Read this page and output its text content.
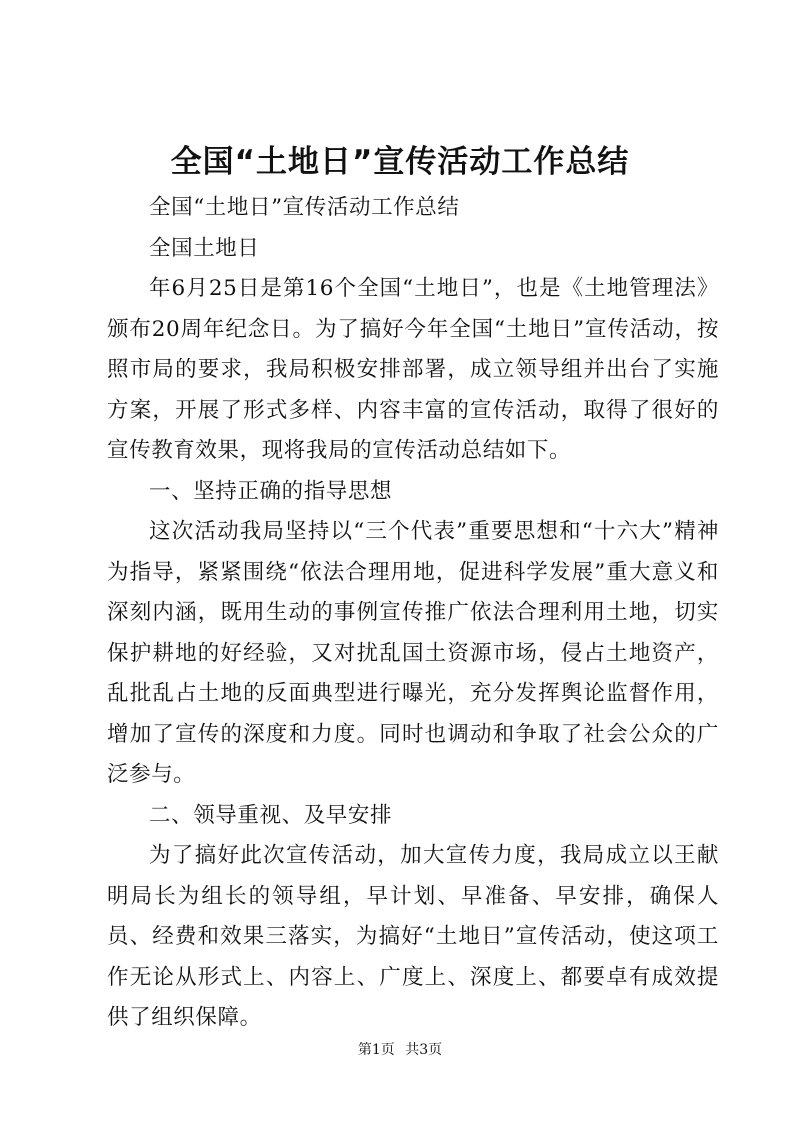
全国“土地日”宣传活动工作总结

全国“土地日”宣传活动工作总结

全国土地日

年6月25日是第16个全国“土地日”，也是《土地管理法》颁布20周年纪念日。为了搞好今年全国“土地日”宣传活动，按照市局的要求，我局积极安排部署，成立领导组并出台了实施方案，开展了形式多样、内容丰富的宣传活动，取得了很好的宣传教育效果，现将我局的宣传活动总结如下。

一、坚持正确的指导思想

这次活动我局坚持以“三个代表”重要思想和“十六大”精神为指导，紧紧围绕“依法合理用地，促进科学发展”重大意义和深刻内涵，既用生动的事例宣传推广依法合理利用土地，切实保护耕地的好经验，又对扰乱国土资源市场，侵占土地资产，乱批乱占土地的反面典型进行曝光，充分发挥舆论监督作用，增加了宣传的深度和力度。同时也调动和争取了社会公众的广泛参与。

二、领导重视、及早安排

为了搞好此次宣传活动，加大宣传力度，我局成立以王献明局长为组长的领导组，早计划、早准备、早安排，确保人员、经费和效果三落实，为搞好“土地日”宣传活动，使这项工作无论从形式上、内容上、广度上、深度上、都要卓有成效提供了组织保障。

第1页 共3页
